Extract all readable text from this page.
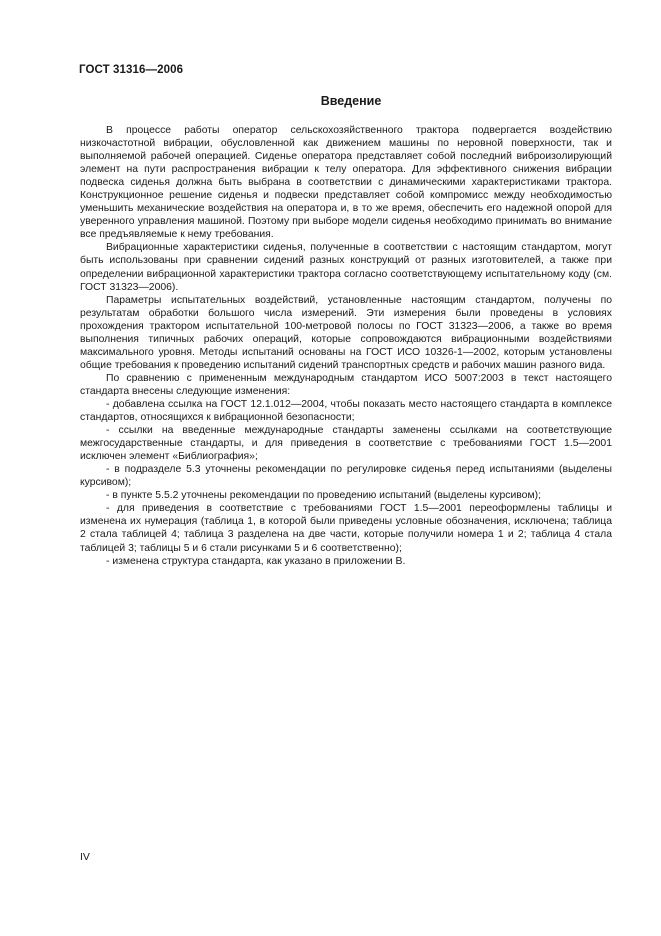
ГОСТ 31316—2006
Введение

В процессе работы оператор сельскохозяйственного трактора подвергается воздействию низкочастотной вибрации, обусловленной как движением машины по неровной поверхности, так и выполняемой рабочей операцией. Сиденье оператора представляет собой последний виброизолирующий элемент на пути распространения вибрации к телу оператора. Для эффективного снижения вибрации подвеска сиденья должна быть выбрана в соответствии с динамическими характеристиками трактора. Конструкционное решение сиденья и подвески представляет собой компромисс между необходимостью уменьшить механические воздействия на оператора и, в то же время, обеспечить его надежной опорой для уверенного управления машиной. Поэтому при выборе модели сиденья необходимо принимать во внимание все предъявляемые к нему требования.

Вибрационные характеристики сиденья, полученные в соответствии с настоящим стандартом, могут быть использованы при сравнении сидений разных конструкций от разных изготовителей, а также при определении вибрационной характеристики трактора согласно соответствующему испытательному коду (см. ГОСТ 31323—2006).

Параметры испытательных воздействий, установленные настоящим стандартом, получены по результатам обработки большого числа измерений. Эти измерения были проведены в условиях прохождения трактором испытательной 100-метровой полосы по ГОСТ 31323—2006, а также во время выполнения типичных рабочих операций, которые сопровождаются вибрационными воздействиями максимального уровня. Методы испытаний основаны на ГОСТ ИСО 10326-1—2002, которым установлены общие требования к проведению испытаний сидений транспортных средств и рабочих машин разного вида.

По сравнению с примененным международным стандартом ИСО 5007:2003 в текст настоящего стандарта внесены следующие изменения:

- добавлена ссылка на ГОСТ 12.1.012—2004, чтобы показать место настоящего стандарта в комплексе стандартов, относящихся к вибрационной безопасности;

- ссылки на введенные международные стандарты заменены ссылками на соответствующие межгосударственные стандарты, и для приведения в соответствие с требованиями ГОСТ 1.5—2001 исключен элемент «Библиография»;

- в подразделе 5.3 уточнены рекомендации по регулировке сиденья перед испытаниями (выделены курсивом);

- в пункте 5.5.2 уточнены рекомендации по проведению испытаний (выделены курсивом);

- для приведения в соответствие с требованиями ГОСТ 1.5—2001 переоформлены таблицы и изменена их нумерация (таблица 1, в которой были приведены условные обозначения, исключена; таблица 2 стала таблицей 4; таблица 3 разделена на две части, которые получили номера 1 и 2; таблица 4 стала таблицей 3; таблицы 5 и 6 стали рисунками 5 и 6 соответственно);

- изменена структура стандарта, как указано в приложении В.

IV
